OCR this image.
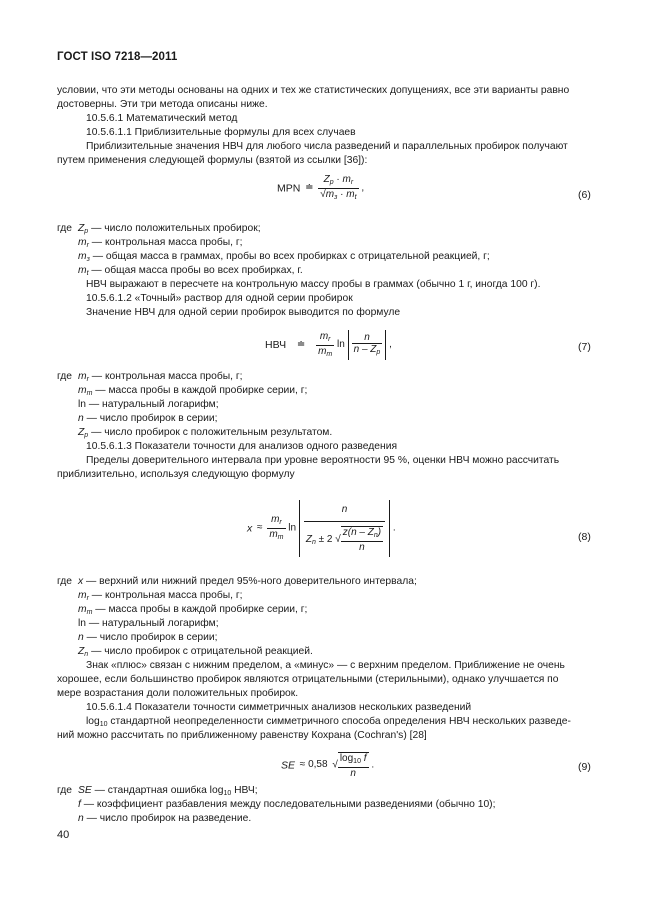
ГОСТ ISO 7218—2011
условии, что эти методы основаны на одних и тех же статистических допущениях, все эти варианты равно
достоверны. Эти три метода описаны ниже.
10.5.6.1 Математический метод
10.5.6.1.1 Приблизительные формулы для всех случаев
Приблизительные значения НВЧ для любого числа разведений и параллельных пробирок получают
путем применения следующей формулы (взятой из ссылки [36]):
MPN ≐ $\frac{Z_p \cdot m_r}{√m_з \cdot m_t}$ ,
(6)
где $Z_p$ — число положительных пробирок;
$m_r$ — контрольная масса пробы, г;
$m_з$ — общая масса в граммах, пробы во всех пробирках с отрицательной реакцией, г;
$m_t$ — общая масса пробы во всех пробирках, г.
НВЧ выражают в пересчете на контрольную массу пробы в граммах (обычно 1 г, иногда 100 г).
10.5.6.1.2 «Точный» раствор для одной серии пробирок
Значение НВЧ для одной серии пробирок выводится по формуле
НВЧ ≐ $\frac{m_r}{m_m}$ $\ln \frac{n}{n - Z_p}$ ,	(7)
где $m_r$ — контрольная масса пробы, г;
$m_m$ — масса пробы в каждой пробирке серии, г;
ln — натуральный логарифм;
n — число пробирок в серии;
$Z_p$ — число пробирок с положительным результатом.
10.5.6.1.3 Показатели точности для анализов одного разведения
Пределы доверительного интервала при уровне вероятности 95 %, оценки НВЧ можно рассчитать
приблизительно, используя следующую формулу
$x \approx \frac{m_r}{m_m}$ $\ln \frac{n}{Z_n \pm 2 √ \frac{z(n - Z_n)}{n}}$ .
(8)
где x — верхний или нижний предел 95%-ного доверительного интервала;
$m_r$ — контрольная масса пробы, г;
$m_m$ — масса пробы в каждой пробирке серии, г;
ln — натуральный логарифм;
n — число пробирок в серии;
$Z_n$ — число пробирок с отрицательной реакцией.
Знак «плюс» связан с нижним пределом, а «минус» — с верхним пределом. Приближение не очень
хорошее, если большинство пробирок являются отрицательными (стерильными), однако улучшается по
мере возрастания доли положительных пробирок.
10.5.6.1.4 Показатели точности симметричных анализов нескольких разведений
$\log_{10}$ стандартной неопределенности симметричного способа определения НВЧ нескольких разведе-
ний можно рассчитать по приближенному равенству Кохрана (Cochran's) [28]
SE ≈ 0,58 √ $\frac{\log_{10} f}{n}$ .	(9)
где SE — стандартная ошибка $\log_{10}$ НВЧ;
f — коэффициент разбавления между последовательными разведениями (обычно 10);
n — число пробирок на разведение.
40
